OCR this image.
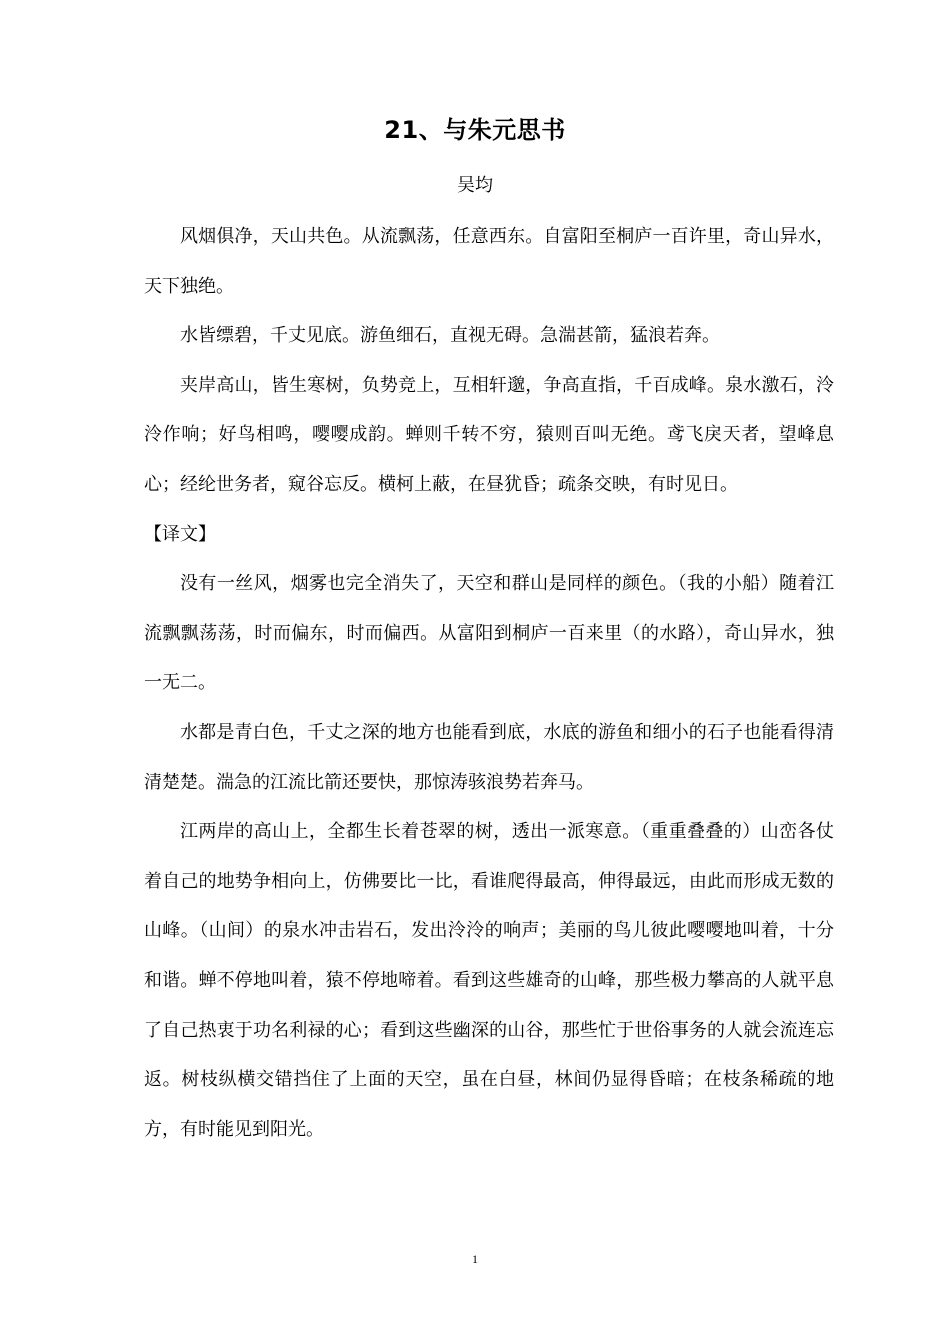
21、与朱元思书
吴均

风烟俱净，天山共色。从流飘荡，任意西东。自富阳至桐庐一百许里，奇山异水，天下独绝。

水皆缥碧，千丈见底。游鱼细石，直视无碍。急湍甚箭，猛浪若奔。

夹岸高山，皆生寒树，负势竞上，互相轩邈，争高直指，千百成峰。泉水激石，泠泠作响；好鸟相鸣，嘤嘤成韵。蝉则千转不穷，猿则百叫无绝。鸢飞戾天者，望峰息心；经纶世务者，窥谷忘反。横柯上蔽，在昼犹昏；疏条交映，有时见日。

【译文】

没有一丝风，烟雾也完全消失了，天空和群山是同样的颜色。（我的小船）随着江流飘飘荡荡，时而偏东，时而偏西。从富阳到桐庐一百来里（的水路），奇山异水，独一无二。

水都是青白色，千丈之深的地方也能看到底，水底的游鱼和细小的石子也能看得清清楚楚。湍急的江流比箭还要快，那惊涛骇浪势若奔马。

江两岸的高山上，全都生长着苍翠的树，透出一派寒意。（重重叠叠的）山峦各仗着自己的地势争相向上，仿佛要比一比，看谁爬得最高，伸得最远，由此而形成无数的山峰。（山间）的泉水冲击岩石，发出泠泠的响声；美丽的鸟儿彼此嘤嘤地叫着，十分和谐。蝉不停地叫着，猿不停地啼着。看到这些雄奇的山峰，那些极力攀高的人就平息了自己热衷于功名利禄的心；看到这些幽深的山谷，那些忙于世俗事务的人就会流连忘返。树枝纵横交错挡住了上面的天空，虽在白昼，林间仍显得昏暗；在枝条稀疏的地方，有时能见到阳光。

1
